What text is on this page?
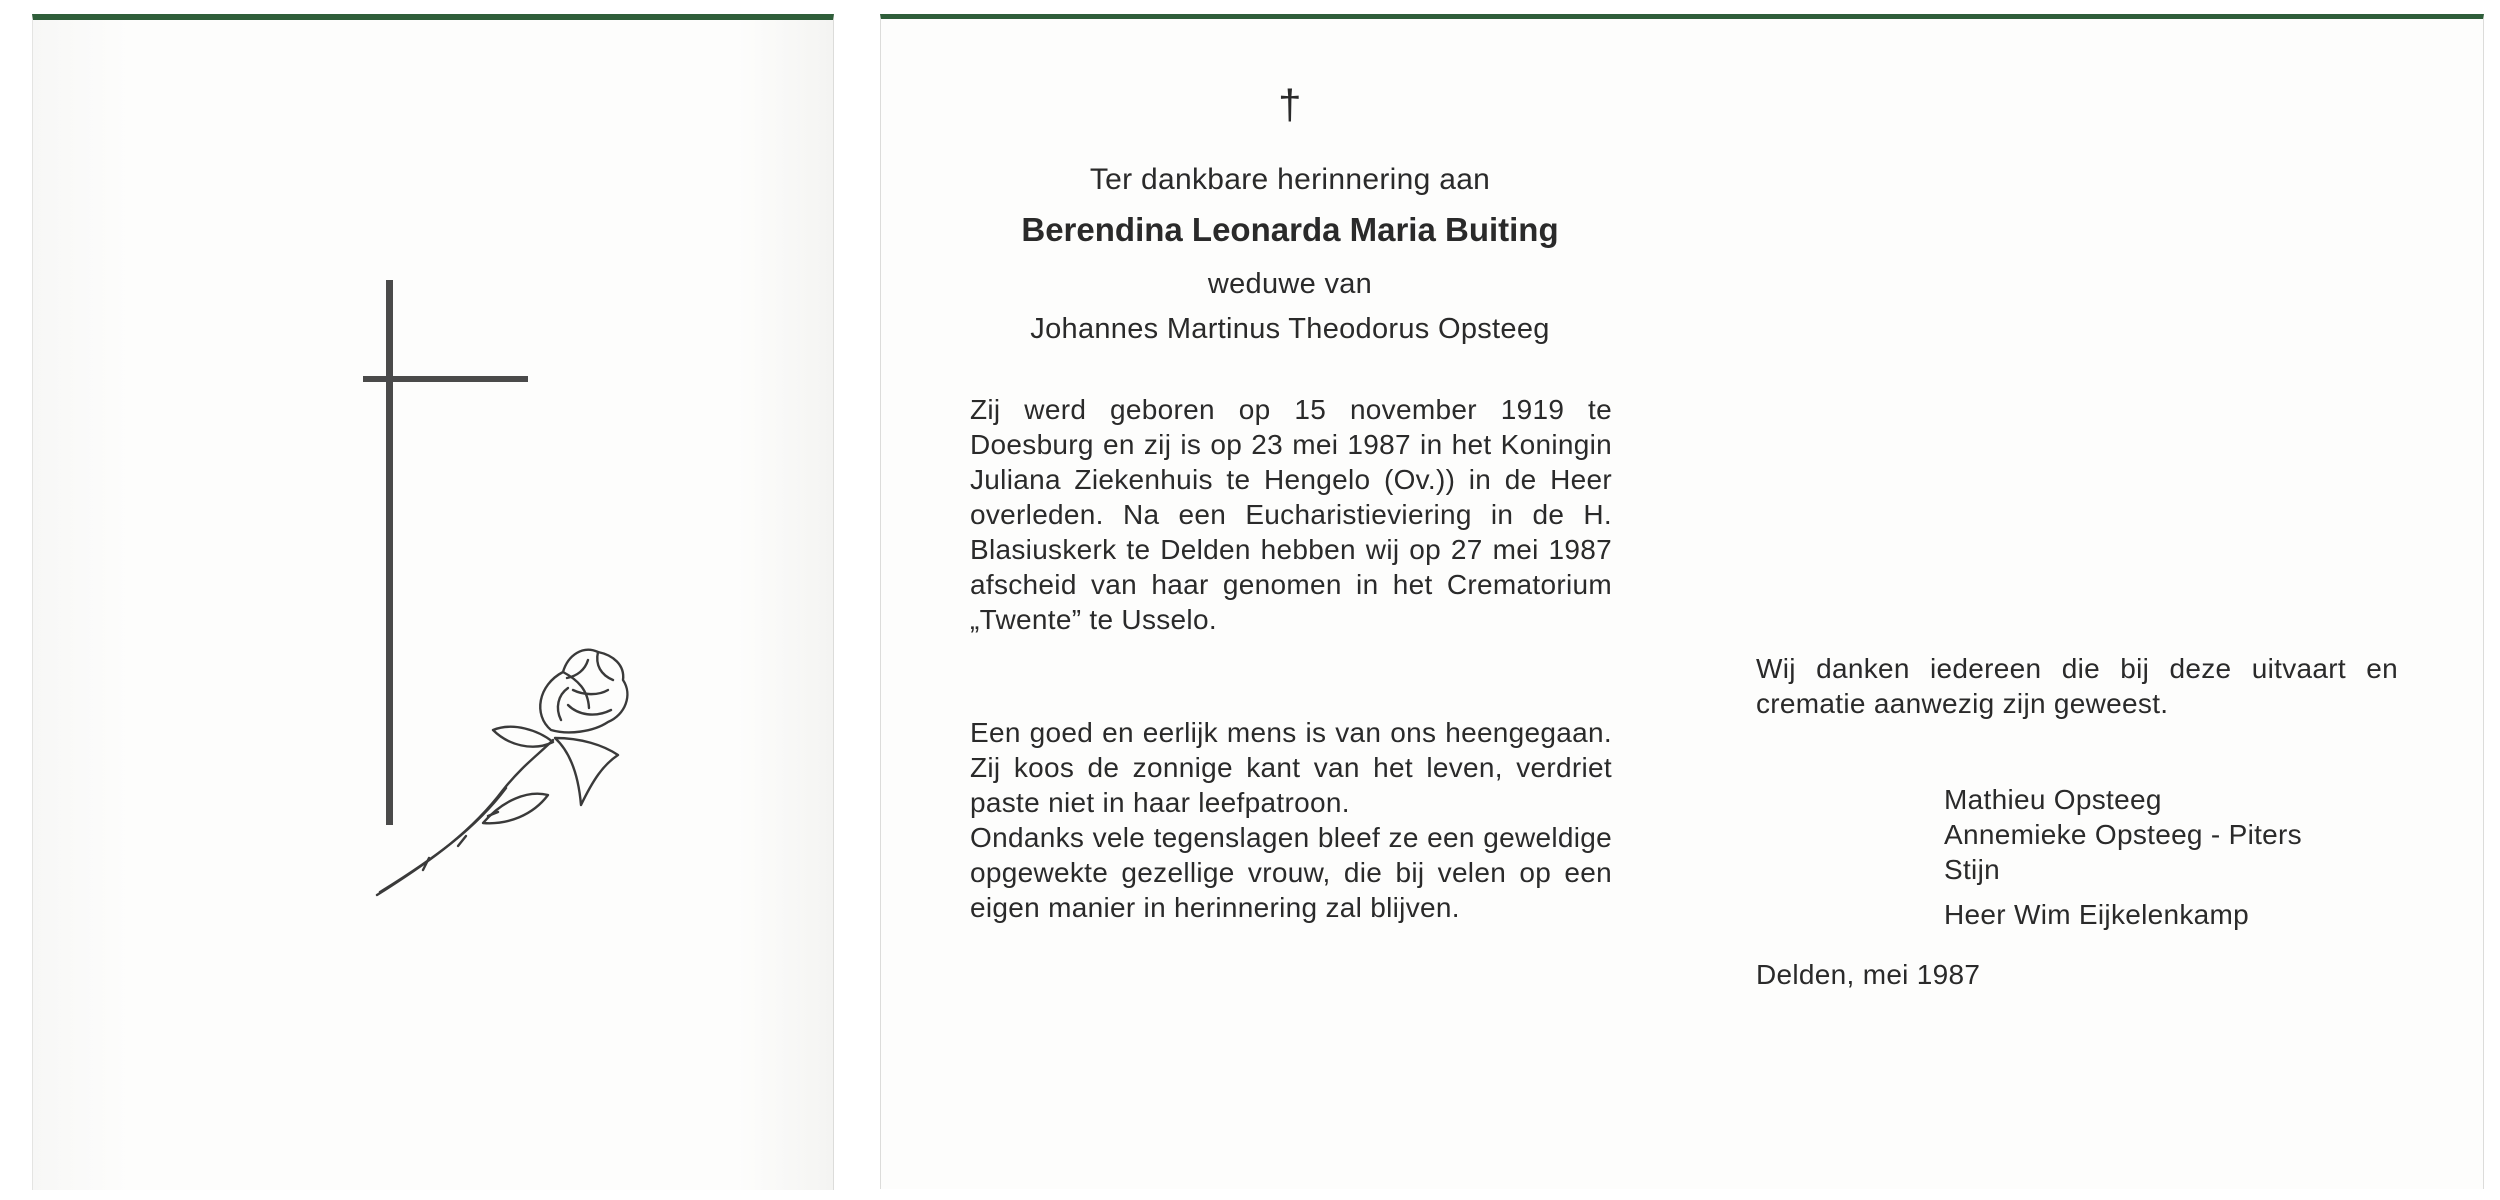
†
Ter dankbare herinnering aan
Berendina Leonarda Maria Buiting
weduwe van
Johannes Martinus Theodorus Opsteeg

Zij werd geboren op 15 november 1919 te Doesburg en zij is op 23 mei 1987 in het Koningin Juliana Ziekenhuis te Hengelo (Ov.)) in de Heer overleden. Na een Eucharistieviering in de H. Blasiuskerk te Delden hebben wij op 27 mei 1987 afscheid van haar genomen in het Crematorium „Twente” te Usselo.

Een goed en eerlijk mens is van ons heengegaan. Zij koos de zonnige kant van het leven, verdriet paste niet in haar leefpatroon.

Ondanks vele tegenslagen bleef ze een geweldige opgewekte gezellige vrouw, die bij velen op een eigen manier in herinnering zal blijven.

Wij danken iedereen die bij deze uitvaart en crematie aanwezig zijn geweest.
Mathieu Opsteeg
Annemieke Opsteeg - Piters
Stijn
Heer Wim Eijkelenkamp
Delden, mei 1987
